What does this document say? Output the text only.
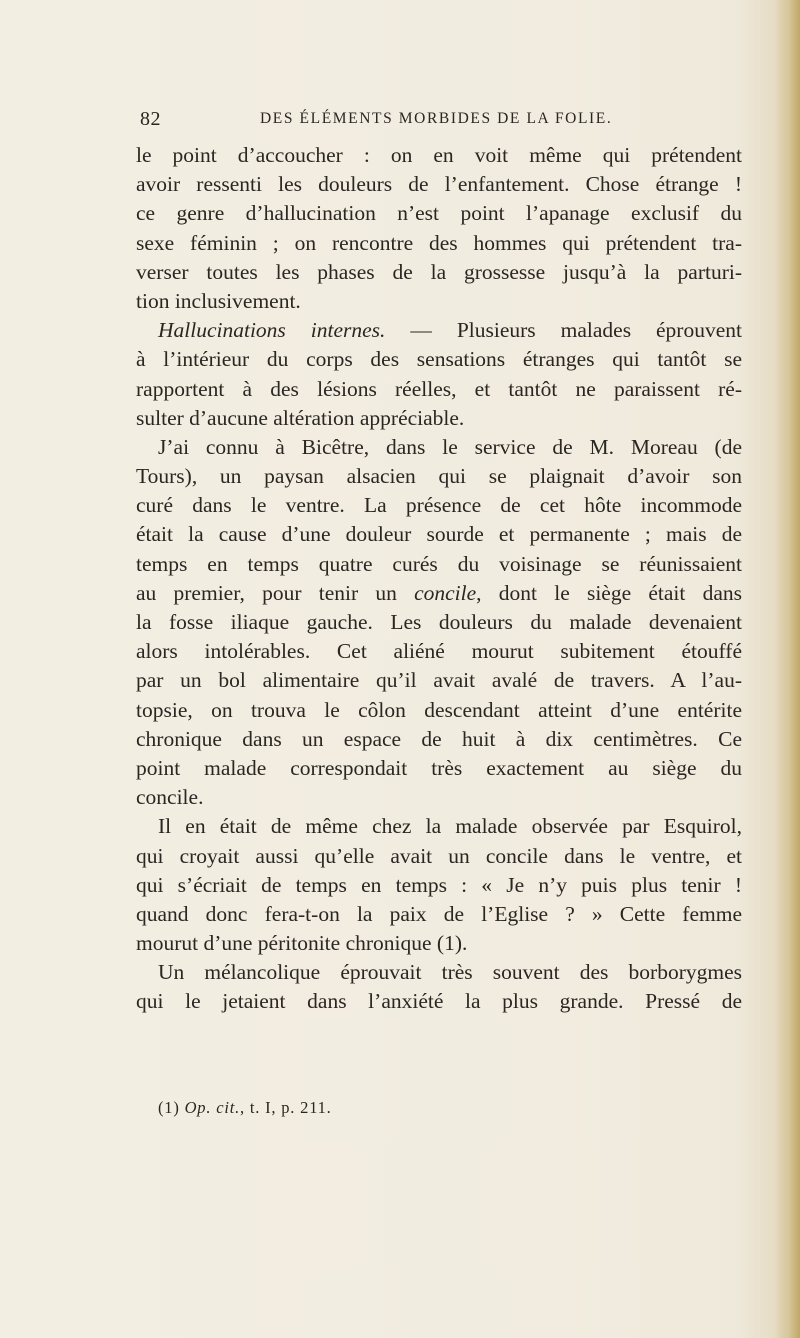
82	DES ÉLÉMENTS MORBIDES DE LA FOLIE.
le point d’accoucher : on en voit même qui prétendent
avoir ressenti les douleurs de l’enfantement. Chose étrange !
ce genre d’hallucination n’est point l’apanage exclusif du
sexe féminin ; on rencontre des hommes qui prétendent tra-
verser toutes les phases de la grossesse jusqu’à la parturi-
tion inclusivement.
Hallucinations internes. — Plusieurs malades éprouvent
à l’intérieur du corps des sensations étranges qui tantôt se
rapportent à des lésions réelles, et tantôt ne paraissent ré-
sulter d’aucune altération appréciable.
J’ai connu à Bicêtre, dans le service de M. Moreau (de
Tours), un paysan alsacien qui se plaignait d’avoir son
curé dans le ventre. La présence de cet hôte incommode
était la cause d’une douleur sourde et permanente ; mais de
temps en temps quatre curés du voisinage se réunissaient
au premier, pour tenir un concile, dont le siège était dans
la fosse iliaque gauche. Les douleurs du malade devenaient
alors intolérables. Cet aliéné mourut subitement étouffé
par un bol alimentaire qu’il avait avalé de travers. A l’au-
topsie, on trouva le côlon descendant atteint d’une entérite
chronique dans un espace de huit à dix centimètres. Ce
point malade correspondait très exactement au siège du
concile.
Il en était de même chez la malade observée par Esquirol,
qui croyait aussi qu’elle avait un concile dans le ventre, et
qui s’écriait de temps en temps : « Je n’y puis plus tenir !
quand donc fera-t-on la paix de l’Eglise ? » Cette femme
mourut d’une péritonite chronique (1).
Un mélancolique éprouvait très souvent des borborygmes
qui le jetaient dans l’anxiété la plus grande. Pressé de
(1) Op. cit., t. I, p. 211.
